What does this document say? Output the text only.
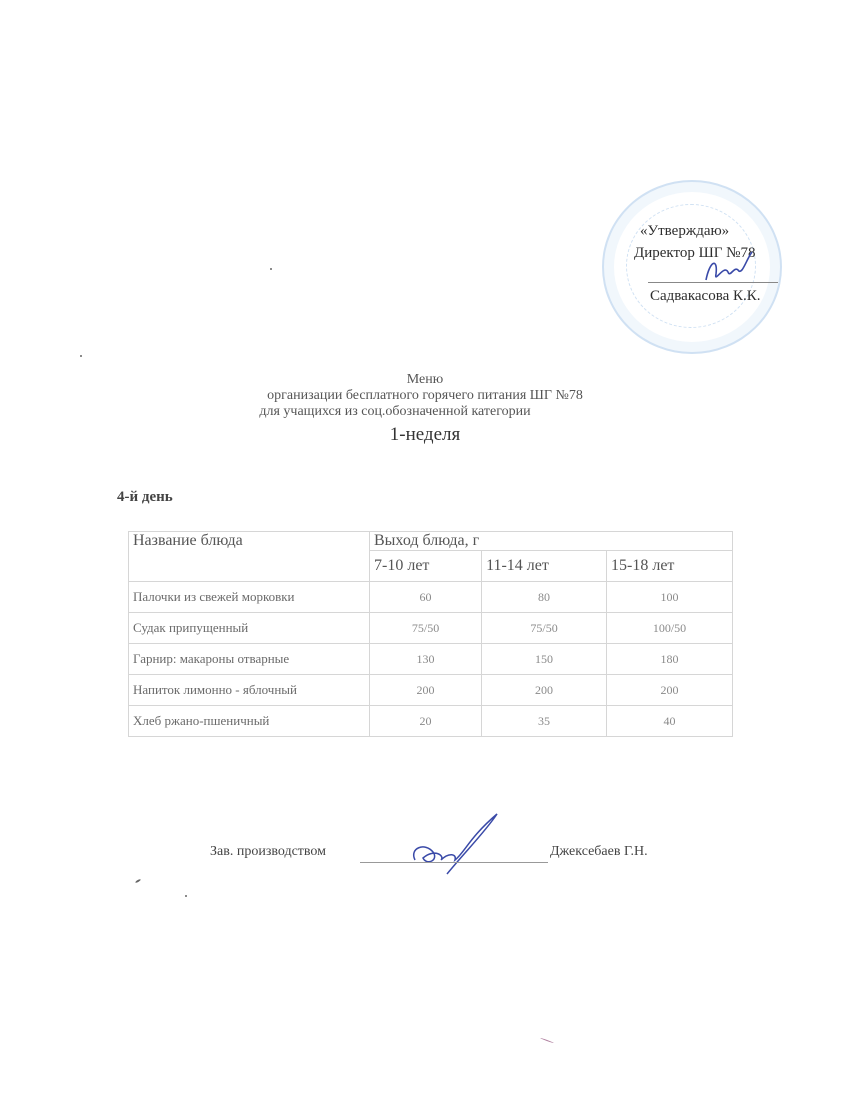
«Утверждаю»
Директор ШГ №78
Садвакасова К.К.
Меню
организации бесплатного горячего питания ШГ №78
для учащихся из соц.обозначенной категории
1-неделя
4-й день
Название блюда	Выход блюда, г		
	7-10 лет	11-14 лет	15-18 лет
Палочки из свежей морковки	60	80	100
Судак припущенный	75/50	75/50	100/50
Гарнир: макароны отварные	130	150	180
Напиток лимонно - яблочный	200	200	200
Хлеб ржано-пшеничный	20	35	40
Зав. производством	Джексебаев Г.Н.
